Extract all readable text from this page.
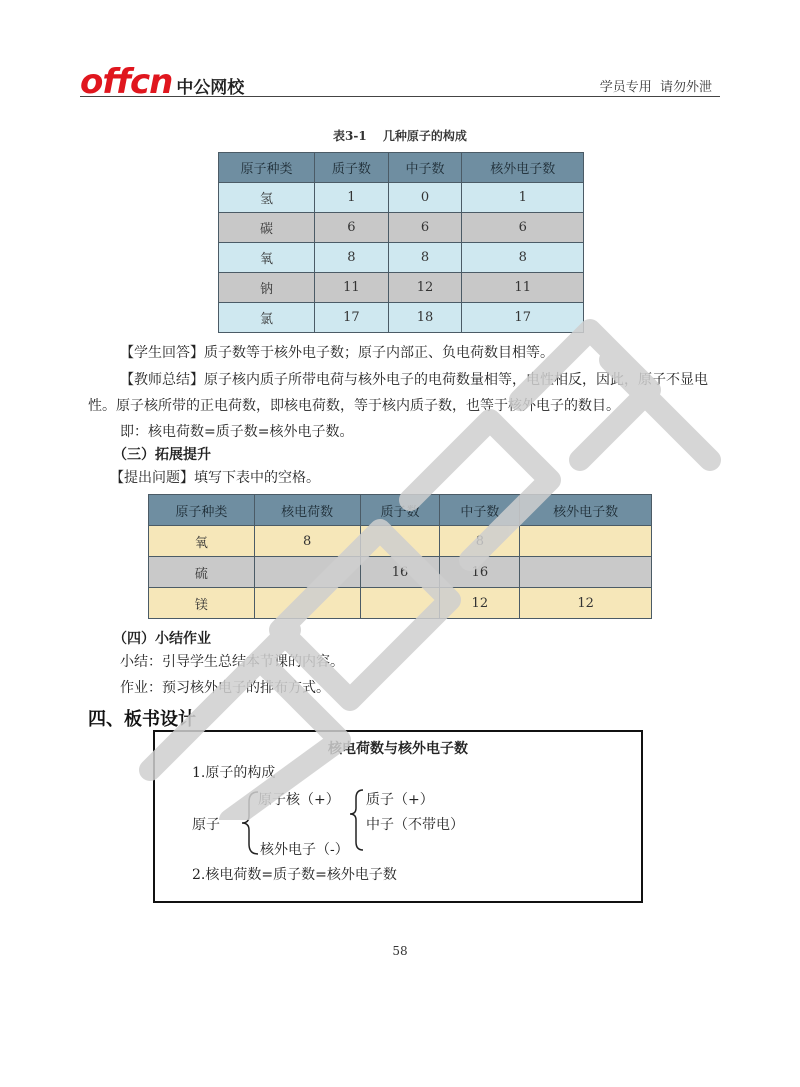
offcn 中公网校	学员专用  请勿外泄
表3-1 几种原子的构成
原子种类	质子数	中子数	核外电子数
氢	1	0	1
碳	6	6	6
氧	8	8	8
钠	11	12	11
氯	17	18	17
【学生回答】质子数等于核外电子数；原子内部正、负电荷数目相等。
【教师总结】原子核内质子所带电荷与核外电子的电荷数量相等，电性相反，因此，原子不显电
性。原子核所带的正电荷数，即核电荷数，等于核内质子数，也等于核外电子的数目。
即：核电荷数=质子数=核外电子数。
（三）拓展提升
【提出问题】填写下表中的空格。
原子种类	核电荷数	质子数	中子数	核外电子数
氧	8		8	
硫		16	16	
镁			12	12
（四）小结作业
小结：引导学生总结本节课的内容。
作业：预习核外电子的排布方式。
四、板书设计
核电荷数与核外电子数
1.原子的构成
原子核（+）
原子
核外电子（-）
质子（+）
中子（不带电）
2.核电荷数=质子数=核外电子数
58
